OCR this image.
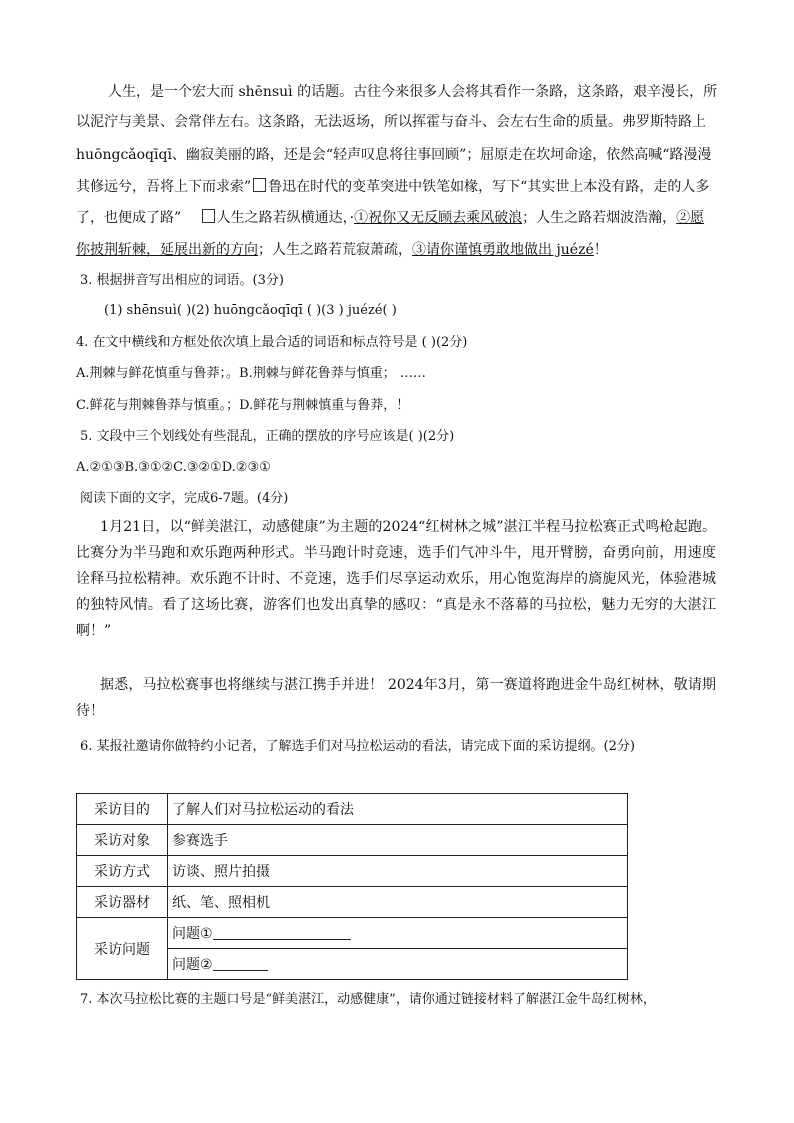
人生，是一个宏大而 shēnsuì 的话题。古往今来很多人会将其看作一条路，这条路，艰辛漫长，所
以泥泞与美景、会常伴左右。这条路，无法返场，所以挥霍与奋斗、会左右生命的质量。弗罗斯特路上
huōngcǎoqīqī、幽寂美丽的路，还是会“轻声叹息将往事回顾”；屈原走在坎坷命途，依然高喊“路漫漫
其修远兮，吾将上下而求索” 鲁迅在时代的变革突进中铁笔如椽，写下“其实世上本没有路，走的人多
了，也便成了路”	人生之路若纵横通达，·①祝你又无反顾去乘风破浪；人生之路若烟波浩瀚，②愿
你披荆斩棘，延展出新的方向；人生之路若荒寂萧疏，③请你谨慎勇敢地做出 juézé！
3. 根据拼音写出相应的词语。(3分)
(1) shēnsuì( )(2) huōngcǎoqīqī ( )(3 ) juézé( )
4. 在文中横线和方框处依次填上最合适的词语和标点符号是 ( )(2分)
A.荆棘与鲜花慎重与鲁莽；。B.荆棘与鲜花鲁莽与慎重； ……
C.鲜花与荆棘鲁莽与慎重。；D.鲜花与荆棘慎重与鲁莽，！
5. 文段中三个划线处有些混乱，正确的摆放的序号应该是( )(2分)
A.②①③B.③①②C.③②①D.②③①
阅读下面的文字，完成6-7题。(4分)
1月21日，以“鲜美湛江，动感健康”为主题的2024“红树林之城”湛江半程马拉松赛正式鸣枪起跑。比赛分为半马跑和欢乐跑两种形式。半马跑计时竞速，选手们气冲斗牛，甩开臂膀，奋勇向前，用速度诠释马拉松精神。欢乐跑不计时、不竞速，选手们尽享运动欢乐，用心饱览海岸的旖旎风光，体验港城的独特风情。看了这场比赛，游客们也发出真挚的感叹：“真是永不落幕的马拉松，魅力无穷的大湛江啊！”
据悉，马拉松赛事也将继续与湛江携手并进！ 2024年3月，第一赛道将跑进金牛岛红树林，敬请期待！
6. 某报社邀请你做特约小记者，了解选手们对马拉松运动的看法，请完成下面的采访提纲。(2分)
采访目的	了解人们对马拉松运动的看法
采访对象	参赛选手
采访方式	访谈、照片拍摄
采访器材	纸、笔、照相机
采访问题	问题①
	问题②
7. 本次马拉松比赛的主题口号是“鲜美湛江，动感健康”，请你通过链接材料了解湛江金牛岛红树林，
